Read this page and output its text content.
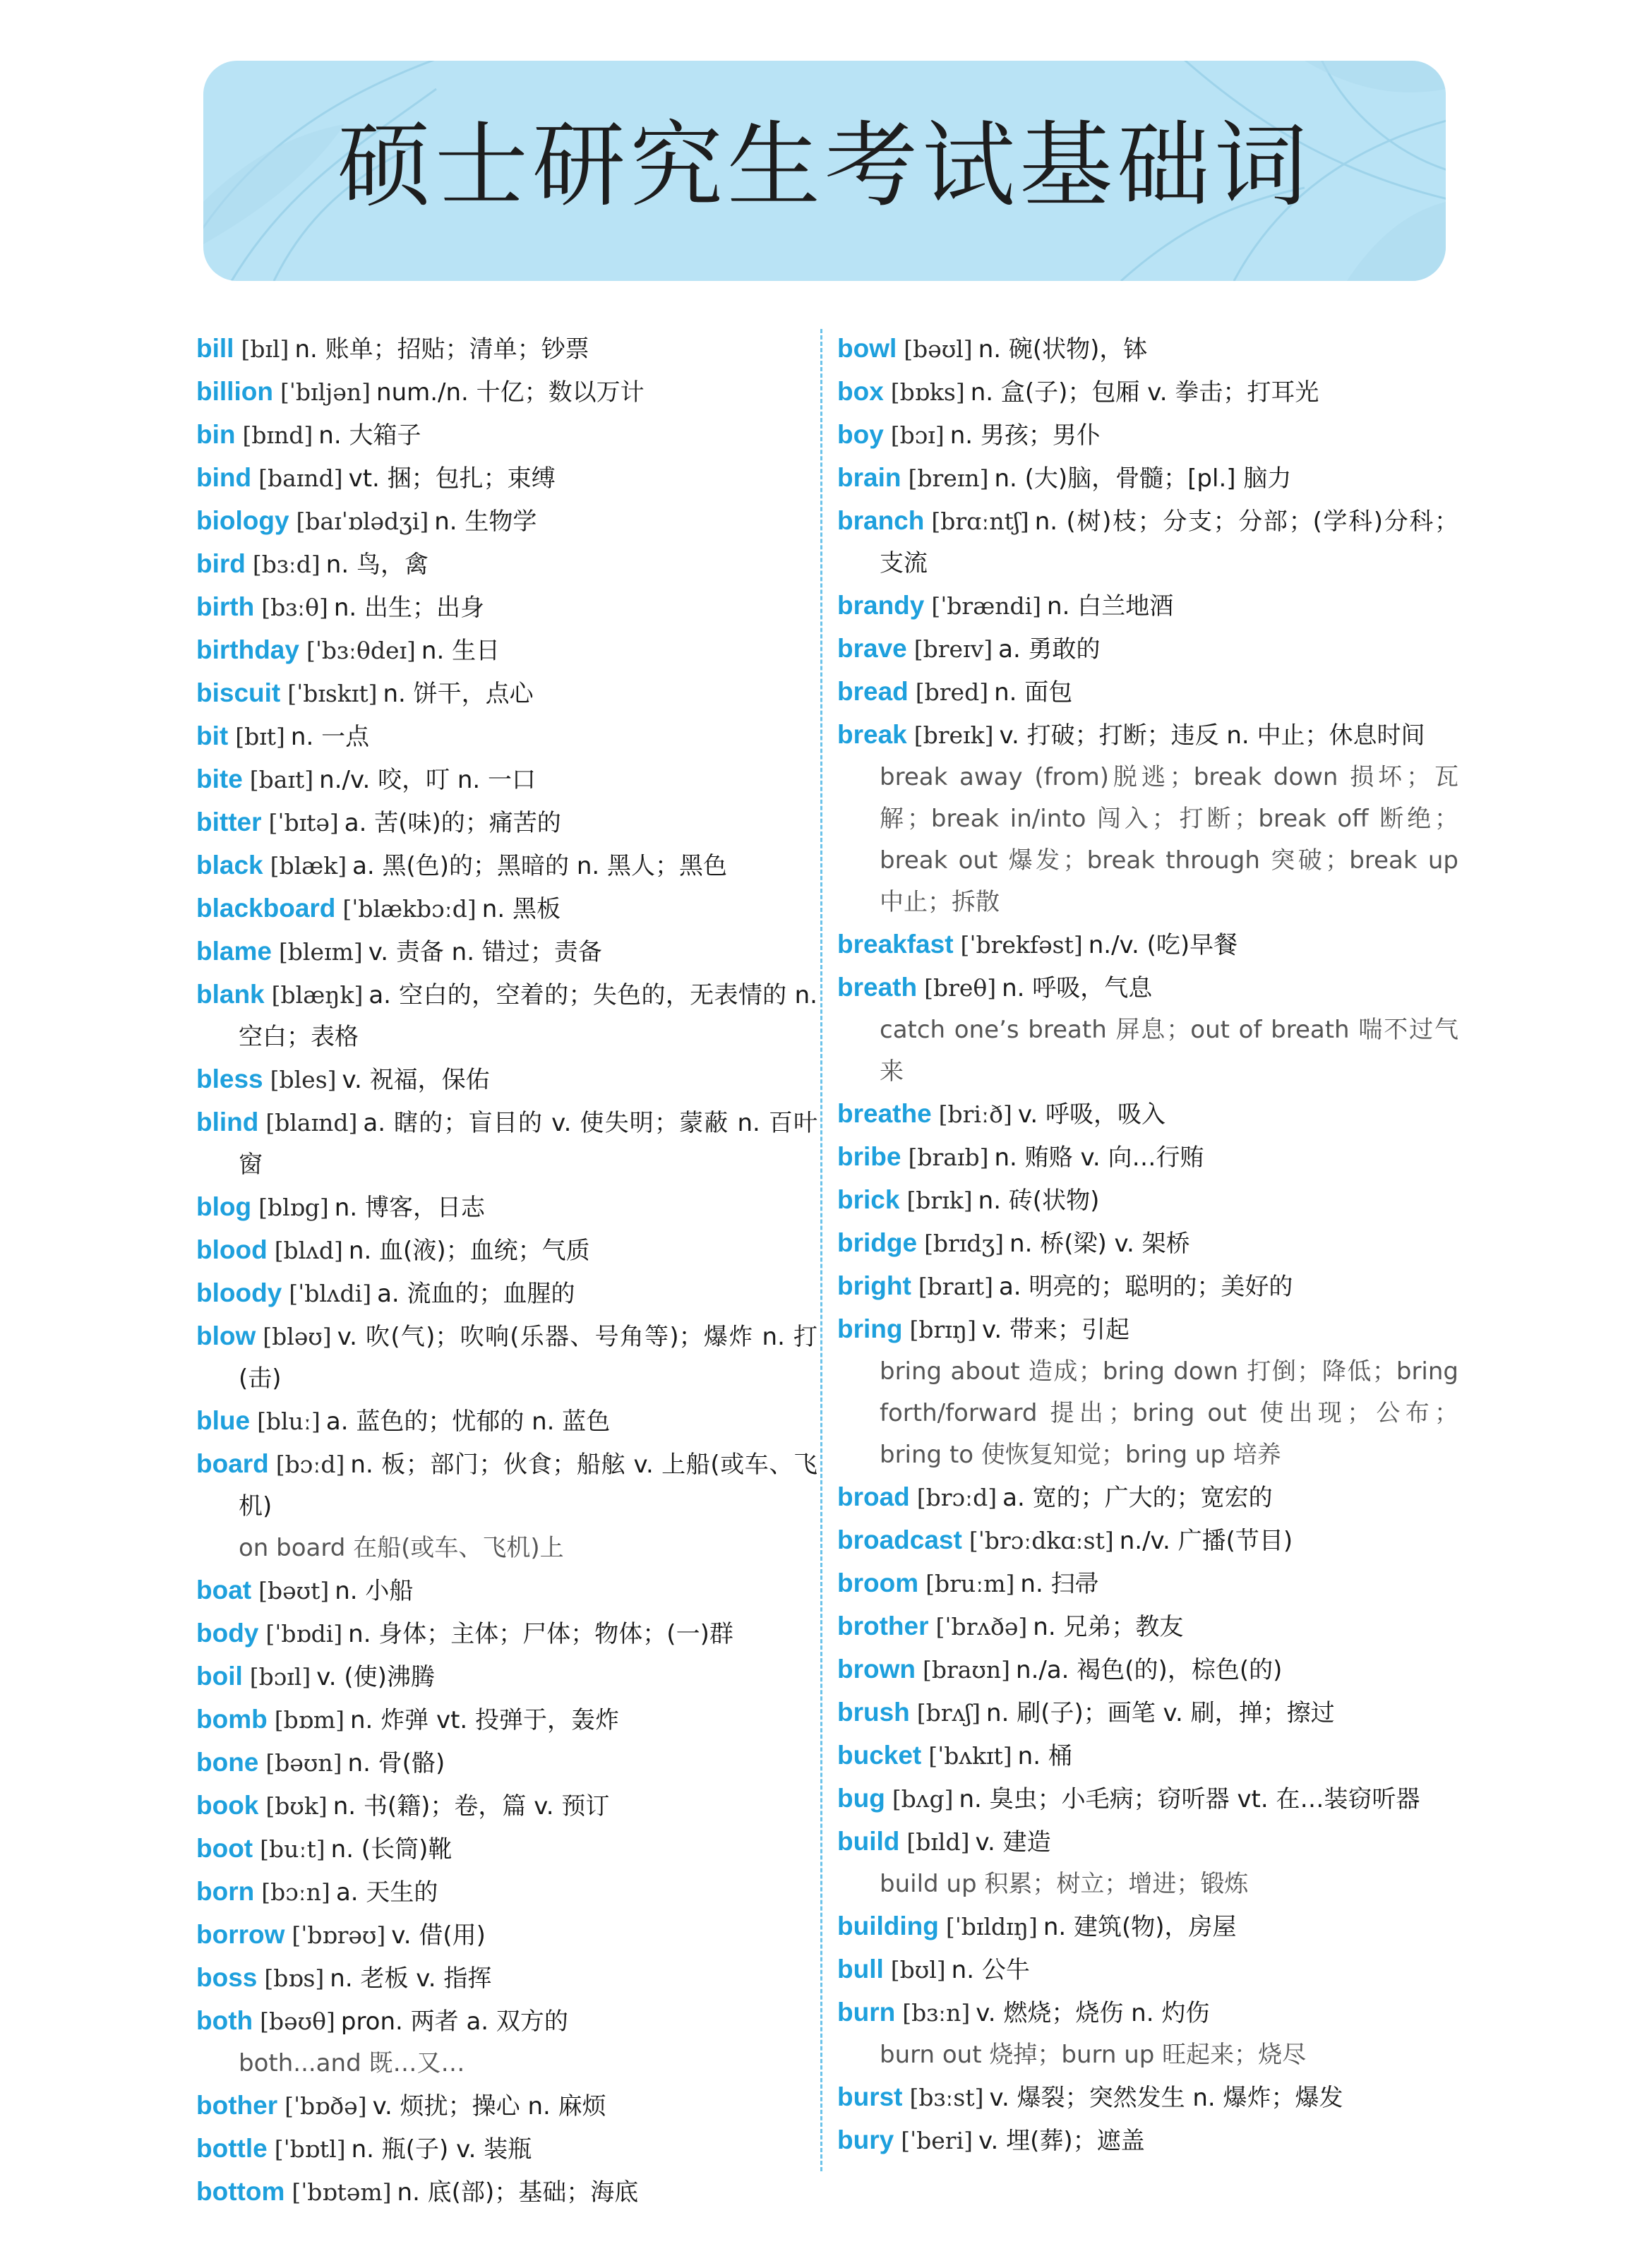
硕士研究生考试基础词
bill [bɪl] n. 账单；招贴；清单；钞票
billion [ˈbɪljən] num./n. 十亿；数以万计
bin [bɪnd] n. 大箱子
bind [baɪnd] vt. 捆；包扎；束缚
biology [baɪˈɒlədʒi] n. 生物学
bird [bɜːd] n. 鸟，禽
birth [bɜːθ] n. 出生；出身
birthday [ˈbɜːθdeɪ] n. 生日
biscuit [ˈbɪskɪt] n. 饼干，点心
bit [bɪt] n. 一点
bite [baɪt] n./v. 咬，叮 n. 一口
bitter [ˈbɪtə] a. 苦(味)的；痛苦的
black [blæk] a. 黑(色)的；黑暗的 n. 黑人；黑色
blackboard [ˈblækbɔːd] n. 黑板
blame [bleɪm] v. 责备 n. 错过；责备
blank [blæŋk] a. 空白的，空着的；失色的，无表情的 n. 空白；表格
bless [bles] v. 祝福，保佑
blind [blaɪnd] a. 瞎的；盲目的 v. 使失明；蒙蔽 n. 百叶窗
blog [blɒg] n. 博客，日志
blood [blʌd] n. 血(液)；血统；气质
bloody [ˈblʌdi] a. 流血的；血腥的
blow [bləʊ] v. 吹(气)；吹响(乐器、号角等)；爆炸 n. 打(击)
blue [bluː] a. 蓝色的；忧郁的 n. 蓝色
board [bɔːd] n. 板；部门；伙食；船舷 v. 上船(或车、飞机)
on board 在船(或车、飞机)上
boat [bəʊt] n. 小船
body [ˈbɒdi] n. 身体；主体；尸体；物体；(一)群
boil [bɔɪl] v. (使)沸腾
bomb [bɒm] n. 炸弹 vt. 投弹于，轰炸
bone [bəʊn] n. 骨(骼)
book [bʊk] n. 书(籍)；卷，篇 v. 预订
boot [buːt] n. (长筒)靴
born [bɔːn] a. 天生的
borrow [ˈbɒrəʊ] v. 借(用)
boss [bɒs] n. 老板 v. 指挥
both [bəʊθ] pron. 两者 a. 双方的
both...and 既…又…
bother [ˈbɒðə] v. 烦扰；操心 n. 麻烦
bottle [ˈbɒtl] n. 瓶(子) v. 装瓶
bottom [ˈbɒtəm] n. 底(部)；基础；海底
bowl [bəʊl] n. 碗(状物)，钵
box [bɒks] n. 盒(子)；包厢 v. 拳击；打耳光
boy [bɔɪ] n. 男孩；男仆
brain [breɪn] n. (大)脑，骨髓；[pl.] 脑力
branch [brɑːntʃ] n. (树)枝；分支；分部；(学科)分科；支流
brandy [ˈbrændi] n. 白兰地酒
brave [breɪv] a. 勇敢的
bread [bred] n. 面包
break [breɪk] v. 打破；打断；违反 n. 中止；休息时间
break away (from)脱逃；break down 损坏；瓦解；break in/into 闯入；打断；break off 断绝；break out 爆发；break through 突破；break up 中止；拆散
breakfast [ˈbrekfəst] n./v. (吃)早餐
breath [breθ] n. 呼吸，气息
catch one’s breath 屏息；out of breath 喘不过气来
breathe [briːð] v. 呼吸，吸入
bribe [braɪb] n. 贿赂 v. 向…行贿
brick [brɪk] n. 砖(状物)
bridge [brɪdʒ] n. 桥(梁) v. 架桥
bright [braɪt] a. 明亮的；聪明的；美好的
bring [brɪŋ] v. 带来；引起
bring about 造成；bring down 打倒；降低；bring forth/forward 提出；bring out 使出现；公布；bring to 使恢复知觉；bring up 培养
broad [brɔːd] a. 宽的；广大的；宽宏的
broadcast [ˈbrɔːdkɑːst] n./v. 广播(节目)
broom [bruːm] n. 扫帚
brother [ˈbrʌðə] n. 兄弟；教友
brown [braʊn] n./a. 褐色(的)，棕色(的)
brush [brʌʃ] n. 刷(子)；画笔 v. 刷，掸；擦过
bucket [ˈbʌkɪt] n. 桶
bug [bʌg] n. 臭虫；小毛病；窃听器 vt. 在…装窃听器
build [bɪld] v. 建造
build up 积累；树立；增进；锻炼
building [ˈbɪldɪŋ] n. 建筑(物)，房屋
bull [bʊl] n. 公牛
burn [bɜːn] v. 燃烧；烧伤 n. 灼伤
burn out 烧掉；burn up 旺起来；烧尽
burst [bɜːst] v. 爆裂；突然发生 n. 爆炸；爆发
bury [ˈberi] v. 埋(葬)；遮盖
